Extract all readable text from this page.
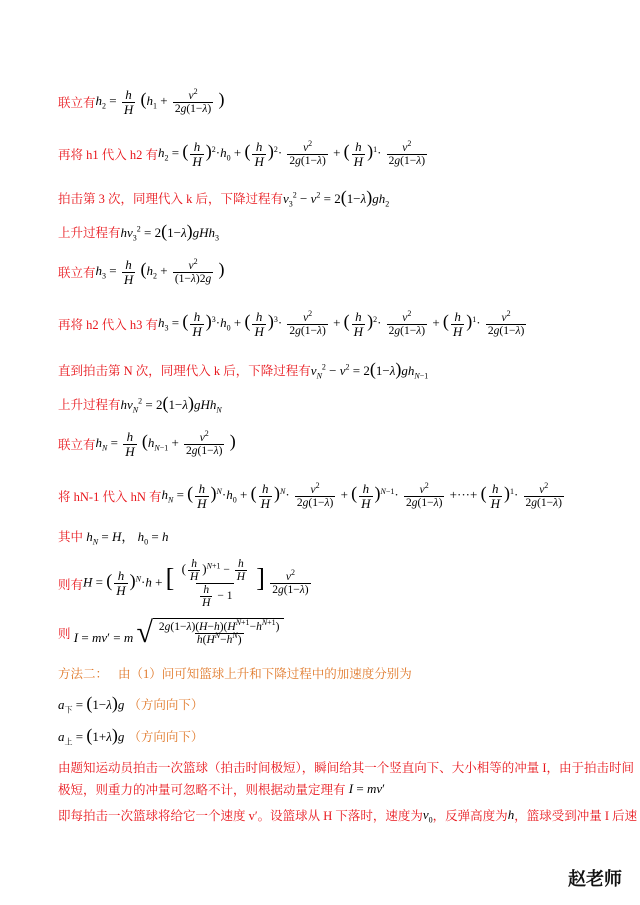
联立有 $h_2 = \frac{h}{H} (h_1 + \frac{v^2}{2g(1-\lambda)}$ )
再将 h1 代入 h2 有 $h_2$ = ( $\frac{h}{H} )^2\cdot h_0$ + ( $\frac{h}{H} )^2\cdot \frac{v^2}{2g(1-\lambda)}$ + ( $\frac{h}{H} )^1\cdot \frac{v^2}{2g(1-\lambda)}$
拍击第 3 次，同理代入 k 后，下降过程有 $v_3^2 - v^2 = 2(1-\lambda)gh_2$
上升过程有 $hv_3^2 = 2(1-\lambda)gHh_3$
联立有 $h_3 = \frac{h}{H} (h_2 + \frac{v^2}{(1-\lambda)2g}$ )
再将 h2 代入 h3 有 $h_3$ = ( $\frac{h}{H} )^3\cdot h_0$ + ( $\frac{h}{H} )^3\cdot \frac{v^2}{2g(1-\lambda)}$ + ( $\frac{h}{H} )^2\cdot \frac{v^2}{2g(1-\lambda)}$ + ( $\frac{h}{H} )^1\cdot \frac{v^2}{2g(1-\lambda)}$
直到拍击第 N 次，同理代入 k 后，下降过程有 $v_N^2 - v^2 = 2(1-\lambda)gh_{N-1}$
上升过程有 $hv_N^2 = 2(1-\lambda)gHh_N$
联立有 $h_N = \frac{h}{H} (h_{N-1} + \frac{v^2}{2g(1-\lambda)}$ )
将 hN-1 代入 hN 有 $h_N$ = ( $\frac{h}{H} )^N\cdot h_0$ + ( $\frac{h}{H} )^N\cdot \frac{v^2}{2g(1-\lambda)}$ + ( $\frac{h}{H} )^{N-1}\cdot \frac{v^2}{2g(1-\lambda)}$ +···+ ( $\frac{h}{H} )^1\cdot \frac{v^2}{2g(1-\lambda)}$
其中 $h_N = H$， $h_0 = h$
则有 H = ( $\frac{h}{H} )^N\cdot h$ + [ $\frac{( \frac{h}{H} )^{N+1} - \frac{h}{H}}{\frac{h}{H} - 1}$ ] $\frac{v^2}{2g(1-\lambda)}$
则 I = mv′ = m √ $\frac{2g(1-\lambda)(H-h)(H^{N+1}-h^{N+1})}{h(H^N-h^N)}$
方法二： 由（1）问可知篮球上升和下降过程中的加速度分别为
$a_下 = (1-\lambda)g$ （方向向下）
$a_上 = (1+\lambda)g$ （方向向下）
由题知运动员拍击一次篮球（拍击时间极短），瞬间给其一个竖直向下、大小相等的冲量 I，由于拍击时间
极短，则重力的冲量可忽略不计，则根据动量定理有 I = mv′
即每拍击一次篮球将给它一个速度 v′。设篮球从 H 下落时，速度为 $v_0$ ，反弹高度为 h ，篮球受到冲量 I 后速
赵老师
